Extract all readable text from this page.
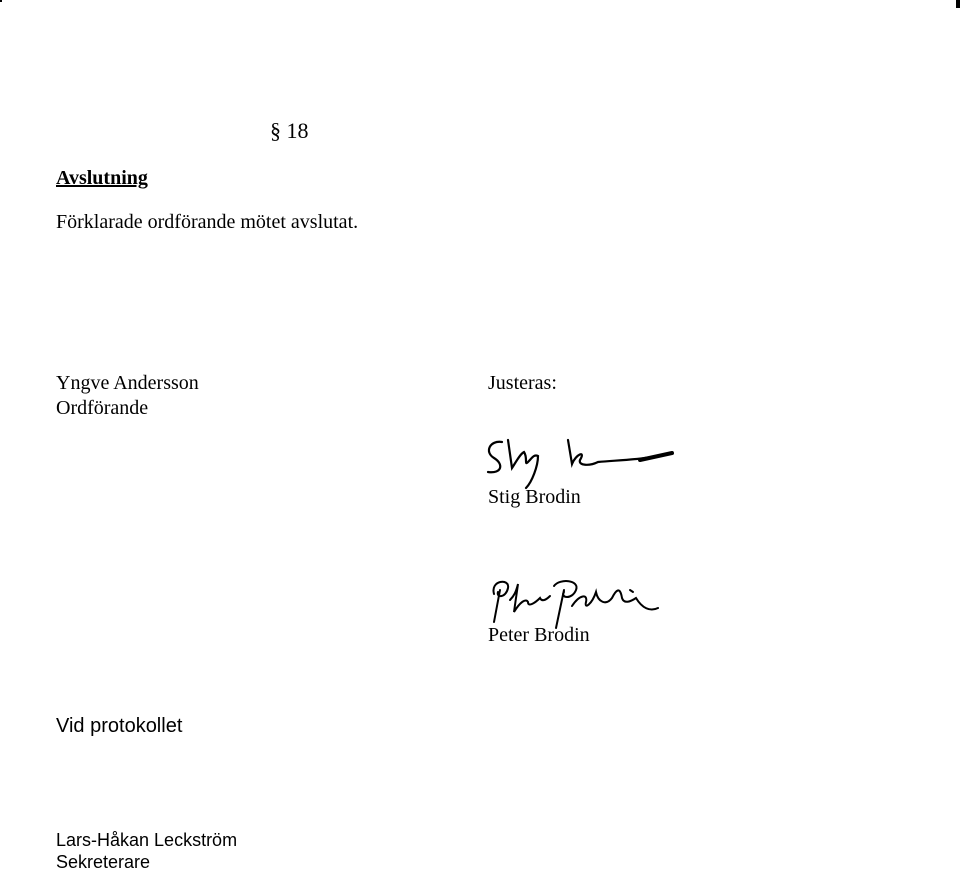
§ 18
Avslutning
Förklarade ordförande mötet avslutat.
Yngve Andersson
Ordförande
Justeras:
Stig Brodin
Peter Brodin
Vid protokollet
Lars-Håkan Leckström
Sekreterare
